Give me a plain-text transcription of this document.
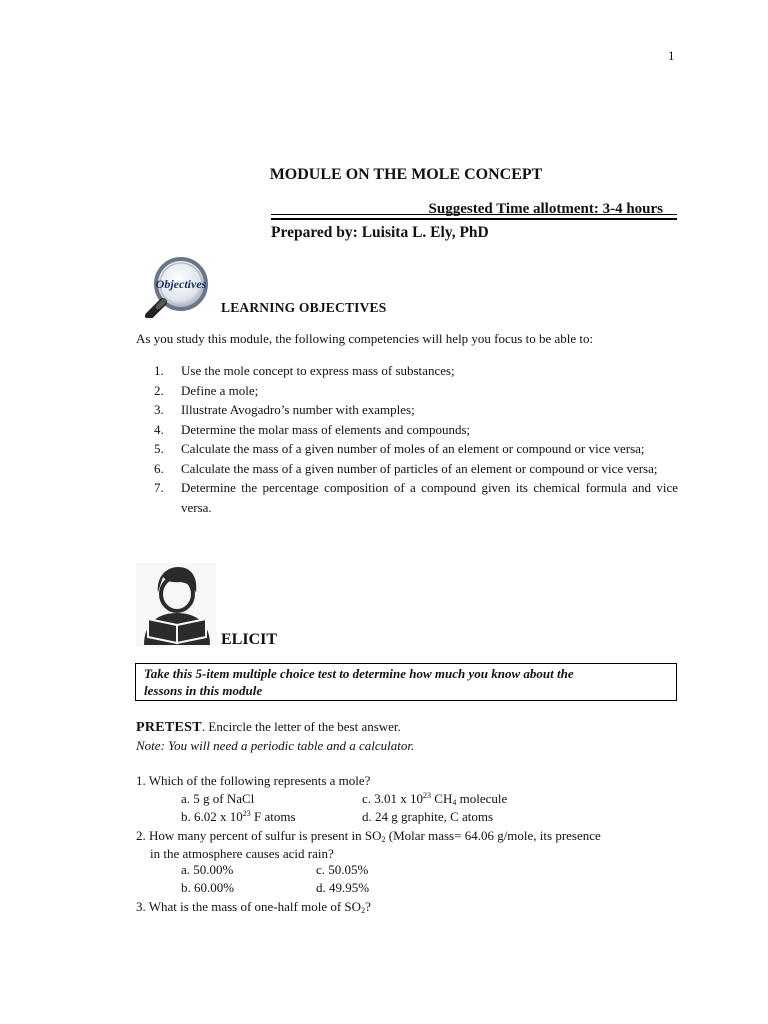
1
MODULE ON THE MOLE CONCEPT
Suggested Time allotment: 3-4 hours
Prepared by: Luisita L. Ely, PhD
Objectives
LEARNING OBJECTIVES
As you study this module, the following competencies will help you focus to be able to:
1.	Use the mole concept to express mass of substances;
2.	Define a mole;
3.	Illustrate Avogadro’s number with examples;
4.	Determine the molar mass of elements and compounds;
5.	Calculate the mass of a given number of moles of an element or compound or vice versa;
6.	Calculate the mass of a given number of particles of an element or compound or vice versa;
7.	Determine the percentage composition of a compound given its chemical formula and vice versa.
ELICIT
Take this 5-item multiple choice test to determine how much you know about the
lessons in this module
PRETEST. Encircle the letter of the best answer.
Note: You will need a periodic table and a calculator.
1. Which of the following represents a mole?
a. 5 g of NaCl	c. 3.01 x $10^{23}$ $CH_4$ molecule
b. 6.02 x $10^{23}$ F atoms	d. 24 g graphite, C atoms
2. How many percent of sulfur is present in $SO_2$ (Molar mass= 64.06 g/mole, its presence
in the atmosphere causes acid rain?
a. 50.00%	c. 50.05%
b. 60.00%	d. 49.95%
3. What is the mass of one-half mole of $SO_2$?
